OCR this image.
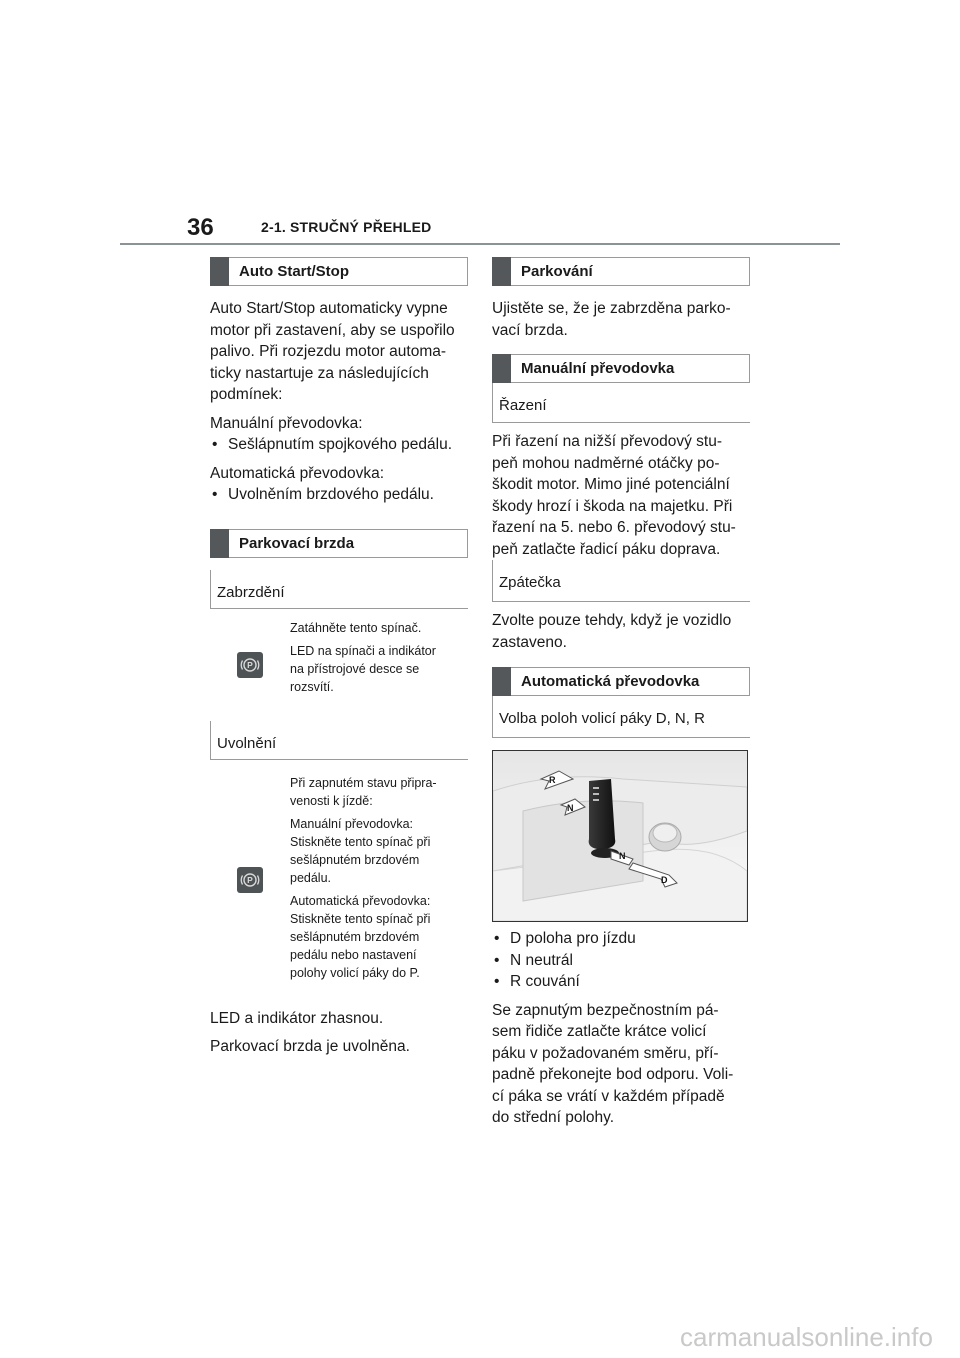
36	2-1. STRUČNÝ PŘEHLED
Auto Start/Stop

Auto Start/Stop automaticky vypne
motor při zastavení, aby se uspořilo
palivo. Při rozjezdu motor automa-
ticky nastartuje za následujících
podmínek:

Manuální převodovka:

• Sešlápnutím spojkového pedálu.

Automatická převodovka:

• Uvolněním brzdového pedálu.

Parkovací brzda
Zabrzdění
P

Zatáhněte tento spínač.

LED na spínači a indikátor
na přístrojové desce se
rozsvítí.

Uvolnění
P

Při zapnutém stavu připra-
venosti k jízdě:

Manuální převodovka:
Stiskněte tento spínač při
sešlápnutém brzdovém
pedálu.

Automatická převodovka:
Stiskněte tento spínač při
sešlápnutém brzdovém
pedálu nebo nastavení
polohy volicí páky do P.

LED a indikátor zhasnou.

Parkovací brzda je uvolněna.

Parkování

Ujistěte se, že je zabrzděna parko-
vací brzda.

Manuální převodovka
Řazení

Při řazení na nižší převodový stu-
peň mohou nadměrné otáčky po-
škodit motor. Mimo jiné potenciální
škody hrozí i škoda na majetku. Při
řazení na 5. nebo 6. převodový stu-
peň zatlačte řadicí páku doprava.

Zpátečka

Zvolte pouze tehdy, když je vozidlo
zastaveno.

Automatická převodovka
Volba poloh volicí páky D, N, R
R
N
N
D

• D poloha pro jízdu

• N neutrál

• R couvání

Se zapnutým bezpečnostním pá-
sem řidiče zatlačte krátce volicí
páku v požadovaném směru, pří-
padně překonejte bod odporu. Voli-
cí páka se vrátí v každém případě
do střední polohy.

carmanualsonline.info
